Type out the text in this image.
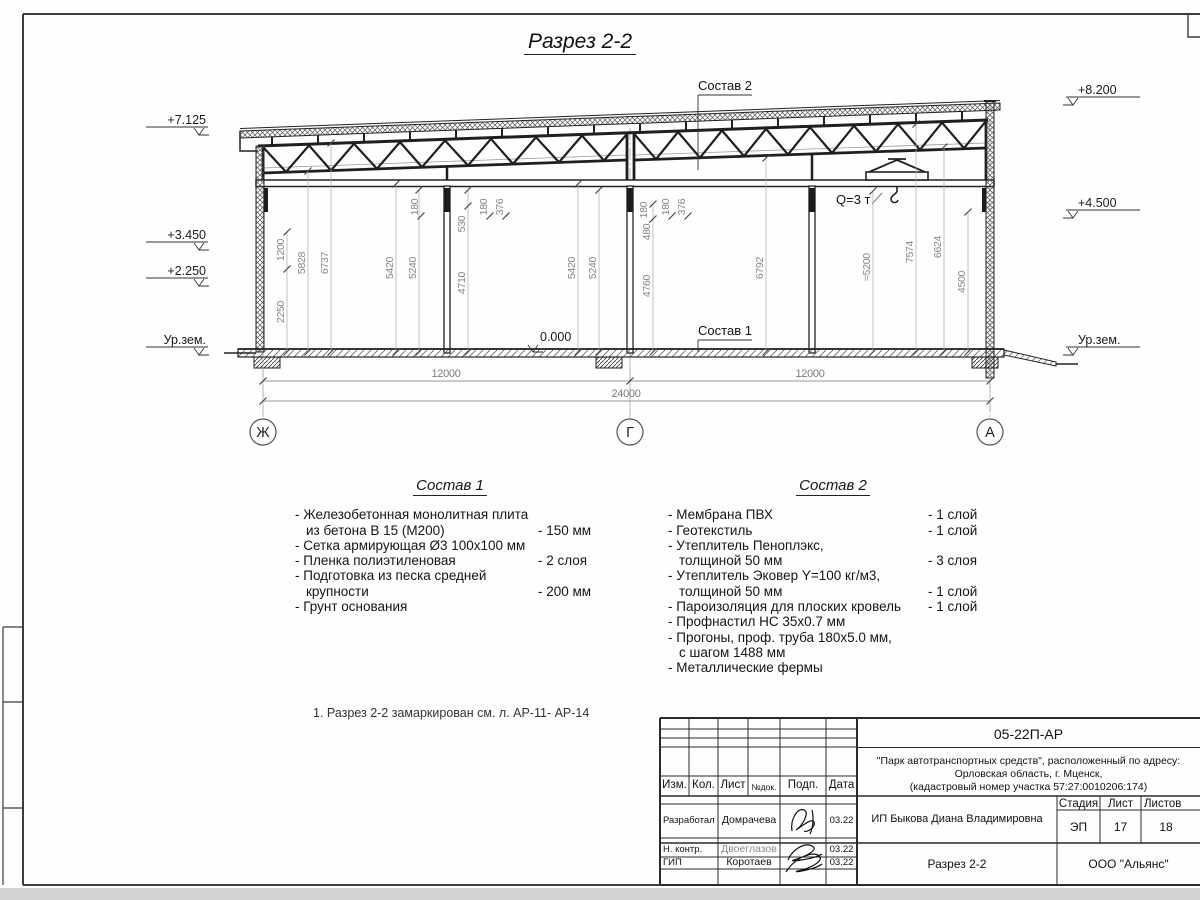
1200
2250
5828 6737	5420 5240
180
530
180 376
4710
5420 5240
180
480
180 376
4760
6792	≈5200
7574 6624
4500
12000	12000
24000
Ж	Г	А
+7.125
+3.450
+2.250
Ур.зем.
+8.200
+4.500
Ур.зем.
0.000
Состав 2
Состав 1
Q=3 т
Разрез 2-2
Состав 1
- Железобетонная монолитная плита
из бетона В 15 (М200)	- 150 мм
- Сетка армирующая Ø3 100х100 мм
- Пленка полиэтиленовая	- 2 слоя
- Подготовка из песка средней
крупности	- 200 мм
- Грунт основания
Состав 2
- Мембрана ПВХ	- 1 слой
- Геотекстиль	- 1 слой
- Утеплитель Пеноплэкс,
толщиной 50 мм	- 3 слоя
- Утеплитель Эковер Y=100 кг/м3,
толщиной 50 мм	- 1 слой
- Пароизоляция для плоских кровель - 1 слой
- Профнастил НС 35х0.7 мм
- Прогоны, проф. труба 180х5.0 мм,
с шагом 1488 мм
- Металлические фермы
1. Разрез 2-2 замаркирован см. л. АР-11- АР-14
Изм. Кол. Лист №док. Подп. Дата
Разработал Домрачева	03.22
Н. контр.	Двоеглазов	03.22
ГИП	Коротаев	03.22
05-22П-АР
"Парк автотранспортных средств", расположенный по адресу:
Орловская область, г. Мценск,
(кадастровый номер участка 57:27:0010206:174)
ИП Быкова Диана Владимировна
Стадия Лист Листов
ЭП	17	18
Разрез 2-2	ООО "Альянс"
